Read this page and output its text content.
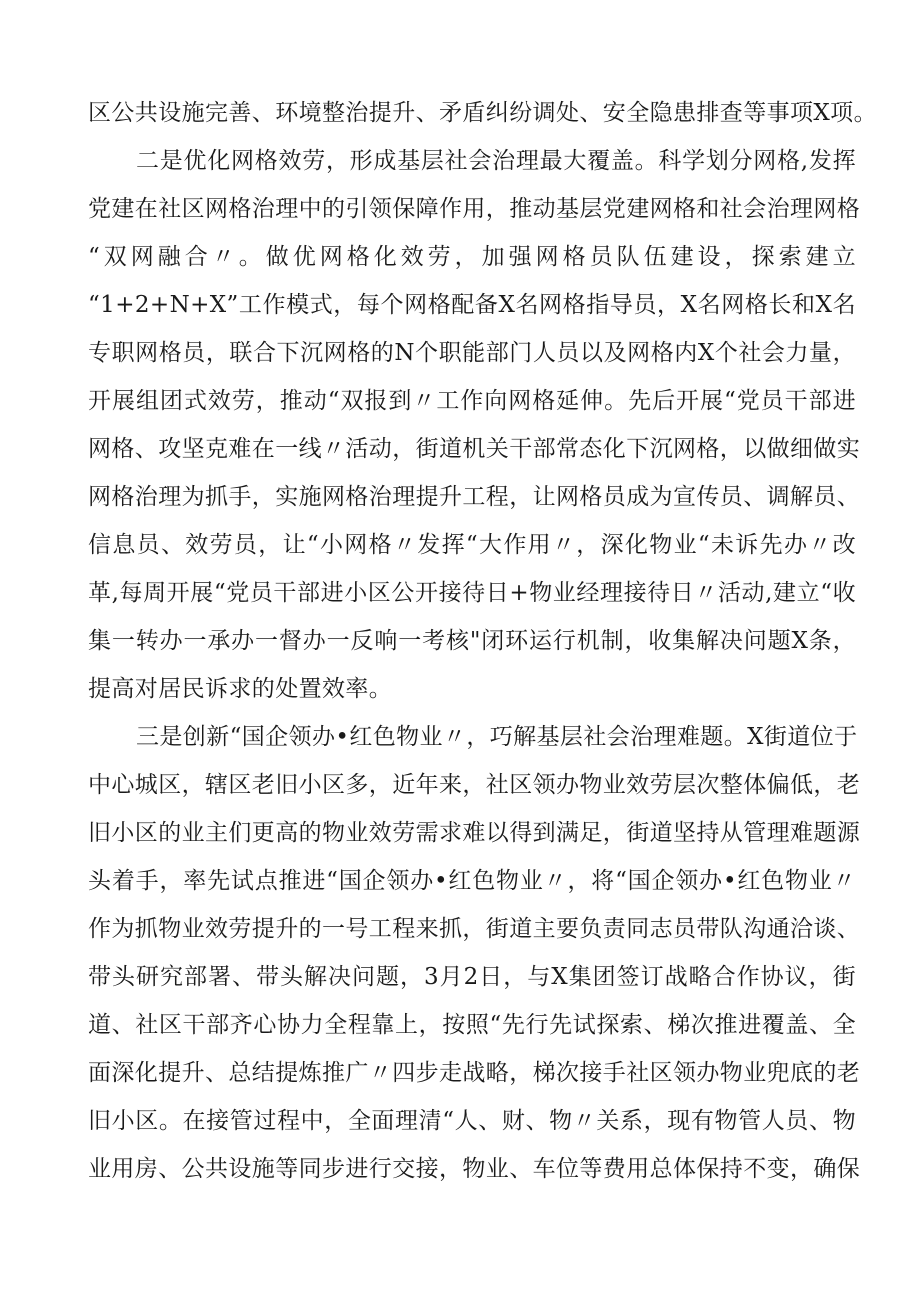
区公共设施完善、环境整治提升、矛盾纠纷调处、安全隐患排查等事项X项。
二是优化网格效劳，形成基层社会治理最大覆盖。科学划分网格,发挥
党建在社区网格治理中的引领保障作用，推动基层党建网格和社会治理网格
“双网融合〃。做优网格化效劳，加强网格员队伍建设，探索建立
“1+2+N+X”工作模式，每个网格配备X名网格指导员，X名网格长和X名
专职网格员，联合下沉网格的N个职能部门人员以及网格内X个社会力量，
开展组团式效劳，推动“双报到〃工作向网格延伸。先后开展“党员干部进
网格、攻坚克难在一线〃活动，街道机关干部常态化下沉网格，以做细做实
网格治理为抓手，实施网格治理提升工程，让网格员成为宣传员、调解员、
信息员、效劳员，让“小网格〃发挥“大作用〃，深化物业“未诉先办〃改
革,每周开展“党员干部进小区公开接待日+物业经理接待日〃活动,建立“收
集一转办一承办一督办一反响一考核"闭环运行机制，收集解决问题X条，
提高对居民诉求的处置效率。
三是创新“国企领办•红色物业〃，巧解基层社会治理难题。X街道位于
中心城区，辖区老旧小区多，近年来，社区领办物业效劳层次整体偏低，老
旧小区的业主们更高的物业效劳需求难以得到满足，街道坚持从管理难题源
头着手，率先试点推进“国企领办•红色物业〃，将“国企领办•红色物业〃
作为抓物业效劳提升的一号工程来抓，街道主要负责同志员带队沟通洽谈、
带头研究部署、带头解决问题，3月2日，与X集团签订战略合作协议，街
道、社区干部齐心协力全程靠上，按照“先行先试探索、梯次推进覆盖、全
面深化提升、总结提炼推广〃四步走战略，梯次接手社区领办物业兜底的老
旧小区。在接管过程中，全面理清“人、财、物〃关系，现有物管人员、物
业用房、公共设施等同步进行交接，物业、车位等费用总体保持不变，确保
